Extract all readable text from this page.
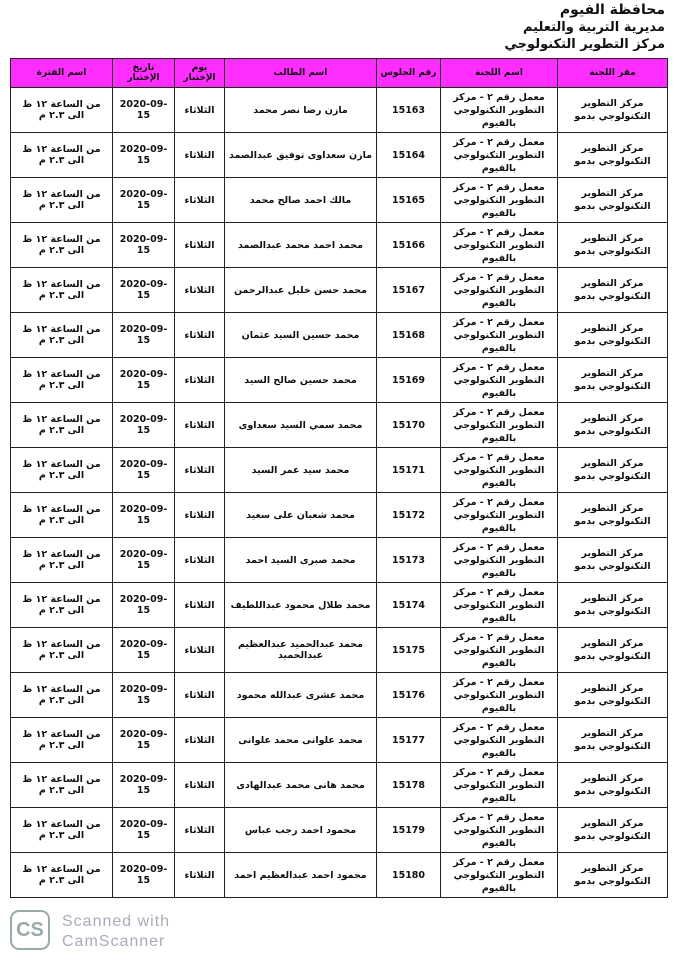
محافظة الفيوم
مديرية التربية والتعليم
مركز التطوير التكنولوجي
مقر اللجنة	اسم اللجنة	رقم الجلوس	اسم الطالب	يوم الإختبار	تاريخ الإختبار	اسم الفترة
مركز التطوير التكنولوجي بدمو	معمل رقم ٢ - مركز التطوير التكنولوجي بالفيوم	15163	مازن رضا نصر محمد	الثلاثاء	2020-09-15	من الساعة ١٢ ظ الى ٢.٣ م
مركز التطوير التكنولوجي بدمو	معمل رقم ٢ - مركز التطوير التكنولوجي بالفيوم	15164	مازن سعداوى توفيق عبدالصمد	الثلاثاء	2020-09-15	من الساعة ١٢ ظ الى ٢.٣ م
مركز التطوير التكنولوجي بدمو	معمل رقم ٢ - مركز التطوير التكنولوجي بالفيوم	15165	مالك احمد صالح محمد	الثلاثاء	2020-09-15	من الساعة ١٢ ظ الى ٢.٣ م
مركز التطوير التكنولوجي بدمو	معمل رقم ٢ - مركز التطوير التكنولوجي بالفيوم	15166	محمد احمد محمد عبدالصمد	الثلاثاء	2020-09-15	من الساعة ١٢ ظ الى ٢.٣ م
مركز التطوير التكنولوجي بدمو	معمل رقم ٢ - مركز التطوير التكنولوجي بالفيوم	15167	محمد حسن خليل عبدالرحمن	الثلاثاء	2020-09-15	من الساعة ١٢ ظ الى ٢.٣ م
مركز التطوير التكنولوجي بدمو	معمل رقم ٢ - مركز التطوير التكنولوجي بالفيوم	15168	محمد حسين السيد عثمان	الثلاثاء	2020-09-15	من الساعة ١٢ ظ الى ٢.٣ م
مركز التطوير التكنولوجي بدمو	معمل رقم ٢ - مركز التطوير التكنولوجي بالفيوم	15169	محمد حسين صالح السيد	الثلاثاء	2020-09-15	من الساعة ١٢ ظ الى ٢.٣ م
مركز التطوير التكنولوجي بدمو	معمل رقم ٢ - مركز التطوير التكنولوجي بالفيوم	15170	محمد سمي السيد سعداوى	الثلاثاء	2020-09-15	من الساعة ١٢ ظ الى ٢.٣ م
مركز التطوير التكنولوجي بدمو	معمل رقم ٢ - مركز التطوير التكنولوجي بالفيوم	15171	محمد سيد عمر السيد	الثلاثاء	2020-09-15	من الساعة ١٢ ظ الى ٢.٣ م
مركز التطوير التكنولوجي بدمو	معمل رقم ٢ - مركز التطوير التكنولوجي بالفيوم	15172	محمد شعبان على سعيد	الثلاثاء	2020-09-15	من الساعة ١٢ ظ الى ٢.٣ م
مركز التطوير التكنولوجي بدمو	معمل رقم ٢ - مركز التطوير التكنولوجي بالفيوم	15173	محمد صبرى السيد احمد	الثلاثاء	2020-09-15	من الساعة ١٢ ظ الى ٢.٣ م
مركز التطوير التكنولوجي بدمو	معمل رقم ٢ - مركز التطوير التكنولوجي بالفيوم	15174	محمد طلال محمود عبداللطيف	الثلاثاء	2020-09-15	من الساعة ١٢ ظ الى ٢.٣ م
مركز التطوير التكنولوجي بدمو	معمل رقم ٢ - مركز التطوير التكنولوجي بالفيوم	15175	محمد عبدالحميد عبدالعظيم عبدالحميد	الثلاثاء	2020-09-15	من الساعة ١٢ ظ الى ٢.٣ م
مركز التطوير التكنولوجي بدمو	معمل رقم ٢ - مركز التطوير التكنولوجي بالفيوم	15176	محمد عشرى عبدالله محمود	الثلاثاء	2020-09-15	من الساعة ١٢ ظ الى ٢.٣ م
مركز التطوير التكنولوجي بدمو	معمل رقم ٢ - مركز التطوير التكنولوجي بالفيوم	15177	محمد علوانى محمد علوانى	الثلاثاء	2020-09-15	من الساعة ١٢ ظ الى ٢.٣ م
مركز التطوير التكنولوجي بدمو	معمل رقم ٢ - مركز التطوير التكنولوجي بالفيوم	15178	محمد هانى محمد عبدالهادى	الثلاثاء	2020-09-15	من الساعة ١٢ ظ الى ٢.٣ م
مركز التطوير التكنولوجي بدمو	معمل رقم ٢ - مركز التطوير التكنولوجي بالفيوم	15179	محمود احمد رجب عباس	الثلاثاء	2020-09-15	من الساعة ١٢ ظ الى ٢.٣ م
مركز التطوير التكنولوجي بدمو	معمل رقم ٢ - مركز التطوير التكنولوجي بالفيوم	15180	محمود احمد عبدالعظيم احمد	الثلاثاء	2020-09-15	من الساعة ١٢ ظ الى ٢.٣ م
CS	Scanned with
CamScanner
